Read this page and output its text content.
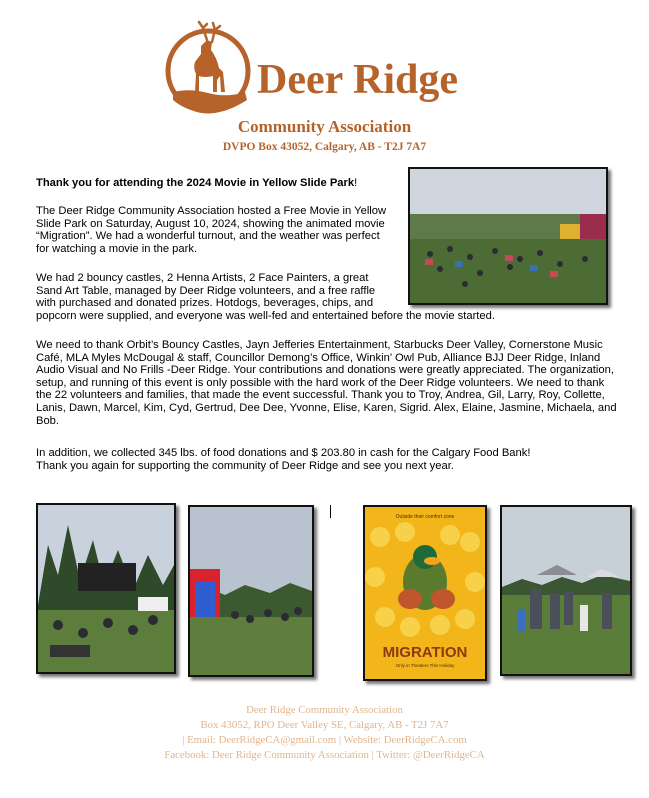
Deer Ridge
Community Association
DVPO Box 43052, Calgary, AB - T2J 7A7
Thank you for attending the 2024 Movie in Yellow Slide Park!
The Deer Ridge Community Association hosted a Free Movie in Yellow Slide Park on Saturday, August 10, 2024, showing the animated movie “Migration”. We had a wonderful turnout, and the weather was perfect for watching a movie in the park.
We had 2 bouncy castles, 2 Henna Artists, 2 Face Painters, a great Sand Art Table, managed by Deer Ridge volunteers, and a free raffle with purchased and donated prizes. Hotdogs, beverages, chips, and
popcorn were supplied, and everyone was well-fed and entertained before the movie started.
We need to thank Orbit’s Bouncy Castles, Jayn Jefferies Entertainment, Starbucks Deer Valley, Cornerstone Music Café, MLA Myles McDougal & staff, Councillor Demong’s Office, Winkin’ Owl Pub, Alliance BJJ Deer Ridge, Inland Audio Visual and No Frills -Deer Ridge. Your contributions and donations were greatly appreciated. The organization, setup, and running of this event is only possible with the hard work of the Deer Ridge volunteers. We need to thank the 22 volunteers and families, that made the event successful. Thank you to Troy, Andrea, Gil, Larry, Roy, Collette, Lanis, Dawn, Marcel, Kim, Cyd, Gertrud, Dee Dee, Yvonne, Elise, Karen, Sigrid. Alex, Elaine, Jasmine, Michaela, and Bob.
In addition, we collected 345 lbs. of food donations and $ 203.80 in cash for the Calgary Food Bank!
Thank you again for supporting the community of Deer Ridge and see you next year.
Outside their comfort zone
MIGRATION
Only in Theaters This Holiday
Deer Ridge Community Association
Box 43052, RPO Deer Valley SE, Calgary, AB - T2J 7A7
| Email: DeerRidgeCA@gmail.com | Website: DeerRidgeCA.com
Facebook: Deer Ridge Community Association | Twitter: @DeerRidgeCA
